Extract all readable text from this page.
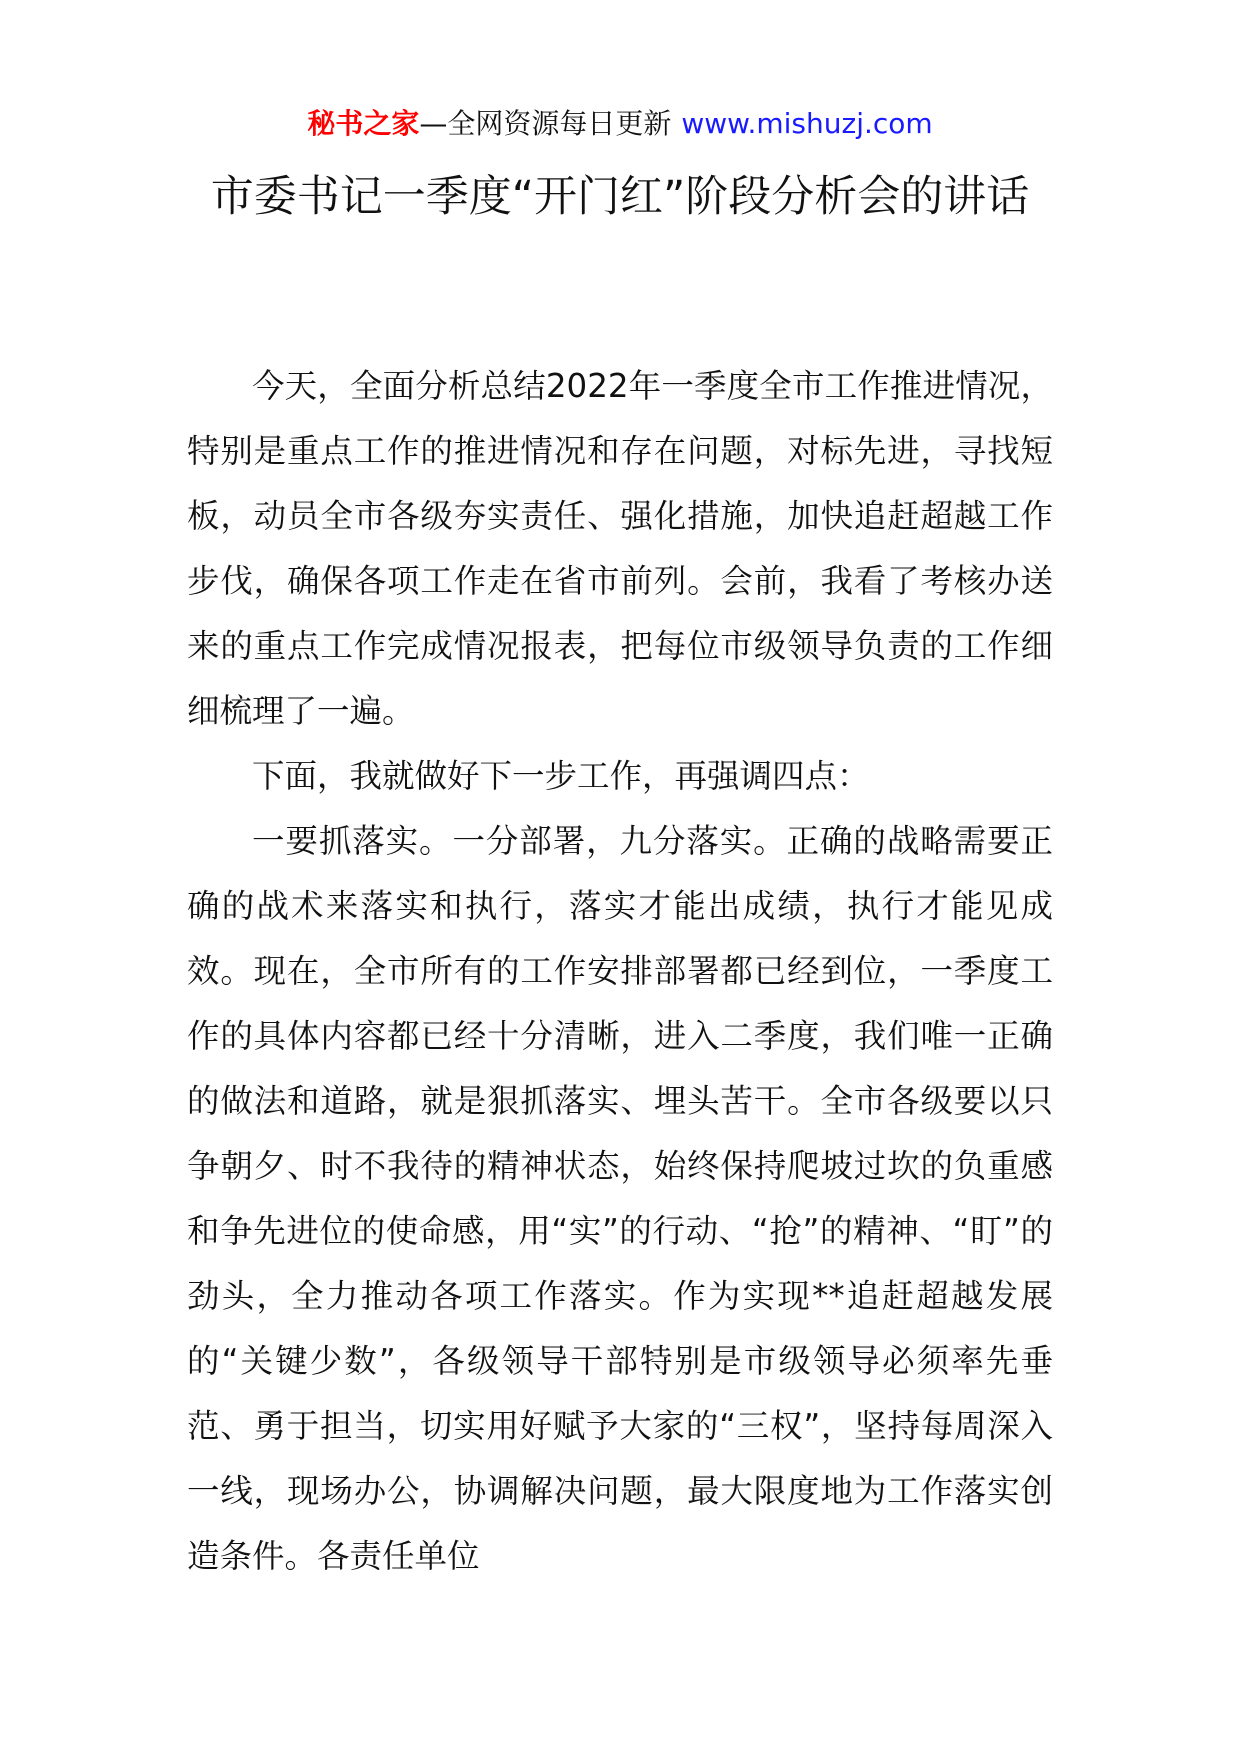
秘书之家—全网资源每日更新 www.mishuzj.com
市委书记一季度“开门红”阶段分析会的讲话

今天，全面分析总结2022年一季度全市工作推进情况，特别是重点工作的推进情况和存在问题，对标先进，寻找短板，动员全市各级夯实责任、强化措施，加快追赶超越工作步伐，确保各项工作走在省市前列。会前，我看了考核办送来的重点工作完成情况报表，把每位市级领导负责的工作细细梳理了一遍。

下面，我就做好下一步工作，再强调四点：

一要抓落实。一分部署，九分落实。正确的战略需要正确的战术来落实和执行，落实才能出成绩，执行才能见成效。现在，全市所有的工作安排部署都已经到位，一季度工作的具体内容都已经十分清晰，进入二季度，我们唯一正确的做法和道路，就是狠抓落实、埋头苦干。全市各级要以只争朝夕、时不我待的精神状态，始终保持爬坡过坎的负重感和争先进位的使命感，用“实”的行动、“抢”的精神、“盯”的劲头，全力推动各项工作落实。作为实现**追赶超越发展的“关键少数”，各级领导干部特别是市级领导必须率先垂范、勇于担当，切实用好赋予大家的“三权”，坚持每周深入一线，现场办公，协调解决问题，最大限度地为工作落实创造条件。各责任单位
